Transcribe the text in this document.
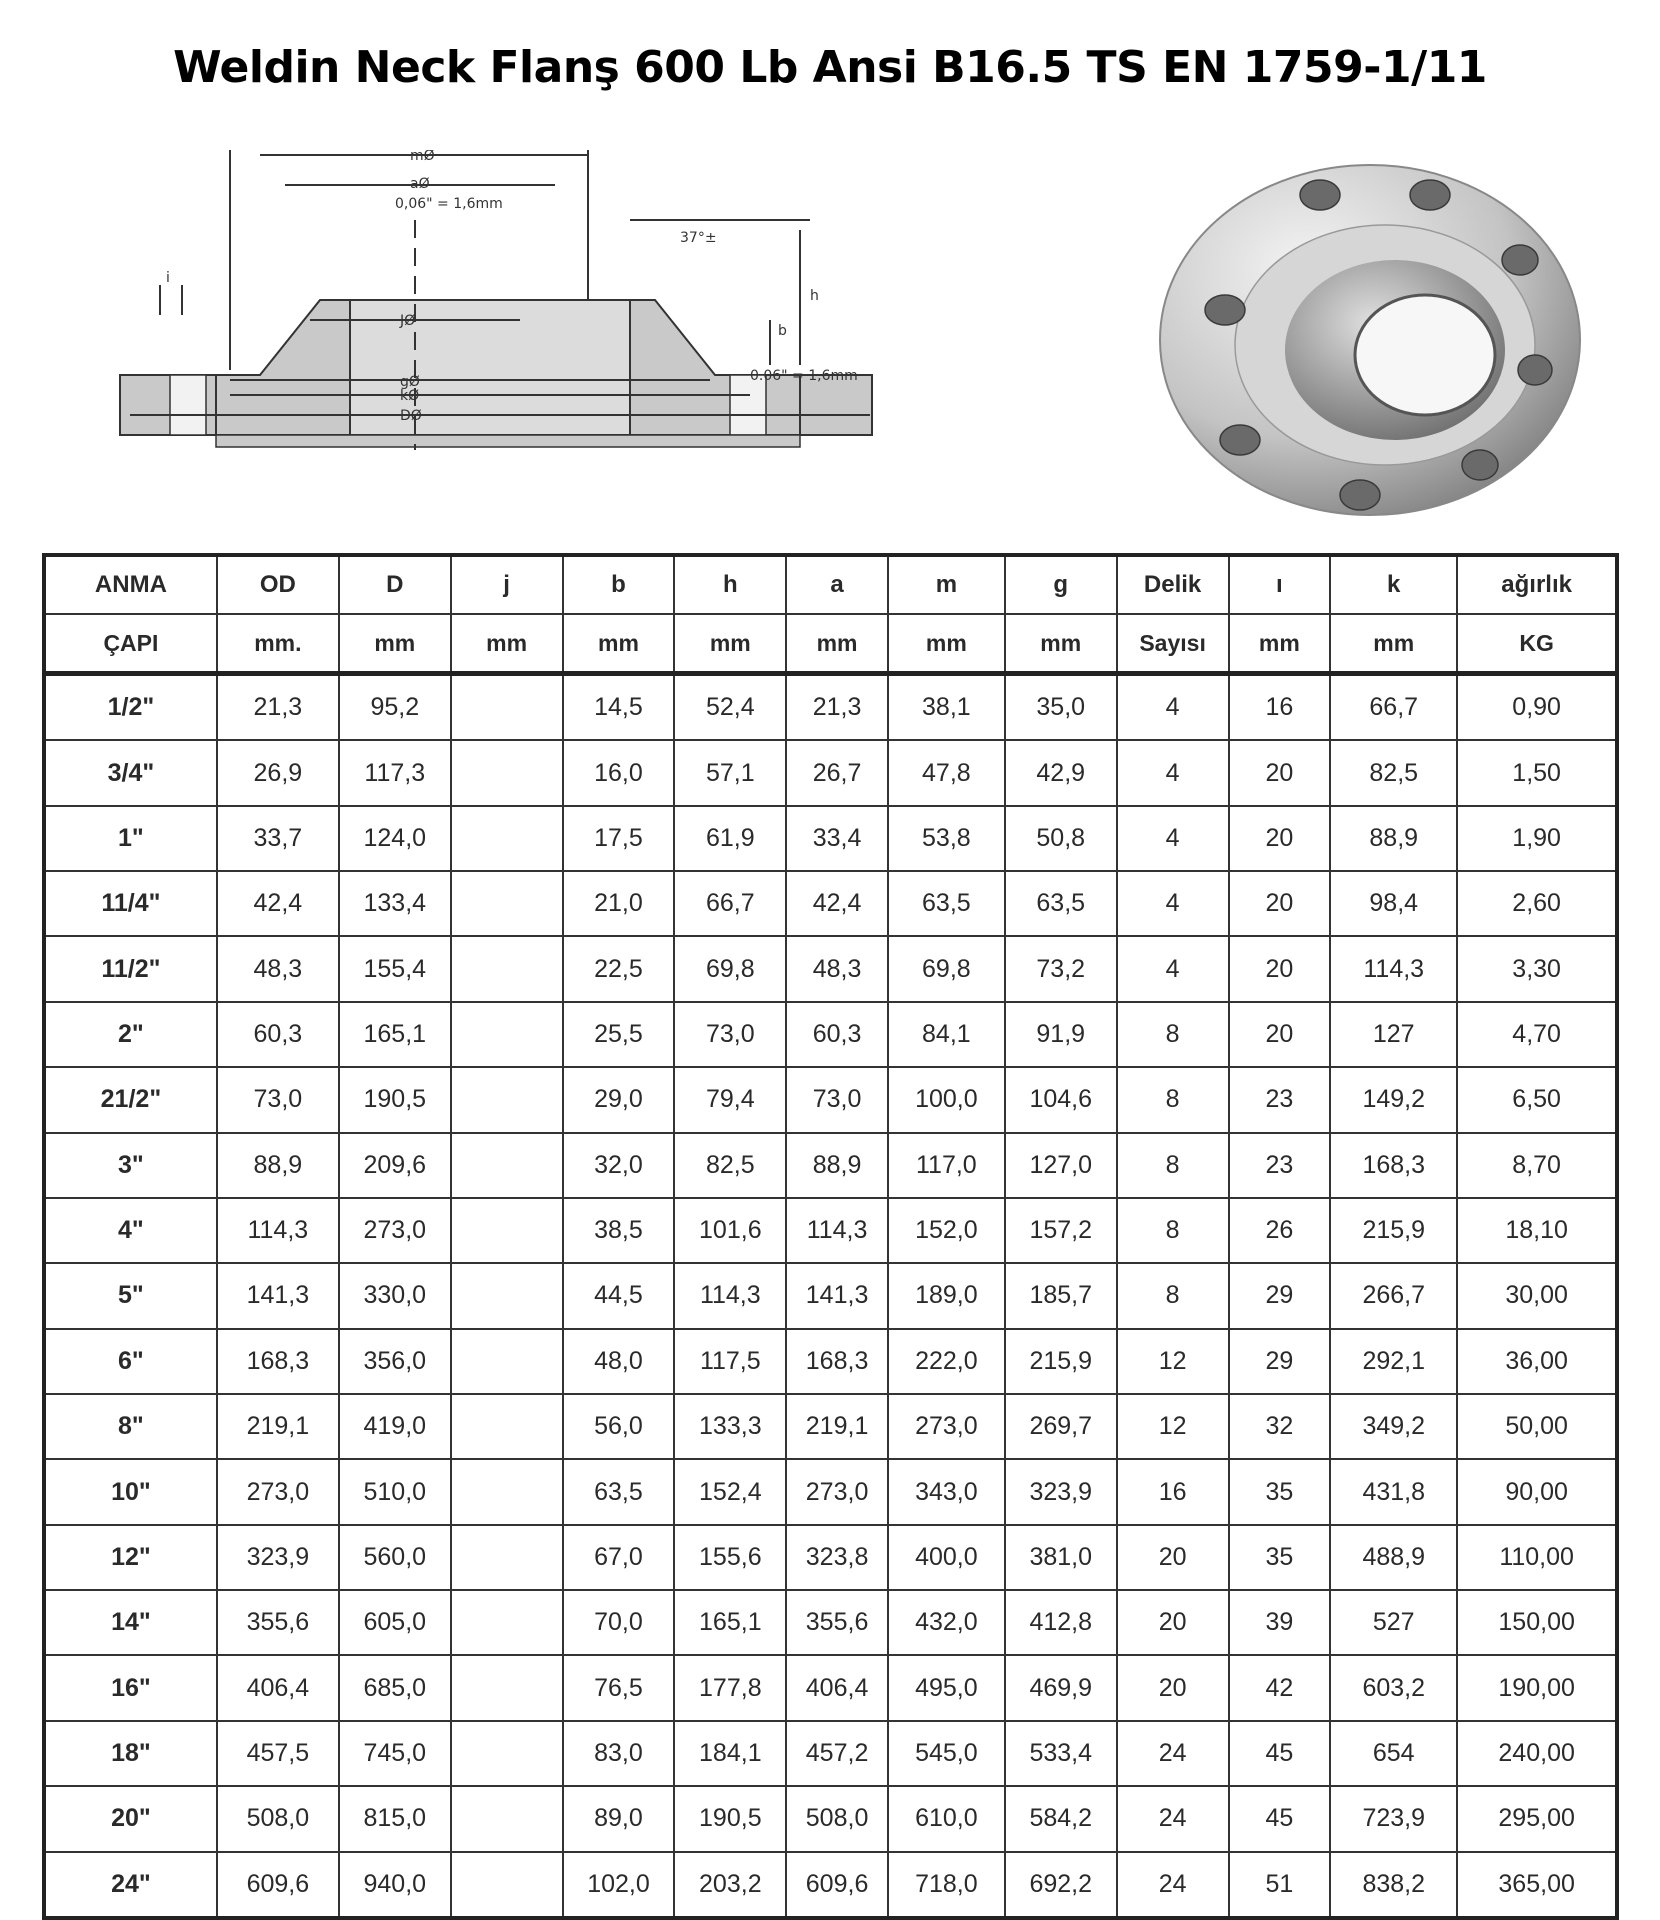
Weldin Neck Flanş 600 Lb Ansi B16.5 TS EN 1759-1/11
mØ
aØ
0,06" = 1,6mm
37°±
JØ
gØ
kØ
DØ
h
b
0.06" = 1,6mm
i
ANMA	OD	D	j	b	h	a	m	g	Delik	ı	k	ağırlık
ÇAPI	mm.	mm	mm	mm	mm	mm	mm	mm	Sayısı	mm	mm	KG
1/2"	21,3	95,2		14,5	52,4	21,3	38,1	35,0	4	16	66,7	0,90
3/4"	26,9	117,3		16,0	57,1	26,7	47,8	42,9	4	20	82,5	1,50
1"	33,7	124,0		17,5	61,9	33,4	53,8	50,8	4	20	88,9	1,90
11/4"	42,4	133,4		21,0	66,7	42,4	63,5	63,5	4	20	98,4	2,60
11/2"	48,3	155,4		22,5	69,8	48,3	69,8	73,2	4	20	114,3	3,30
2"	60,3	165,1		25,5	73,0	60,3	84,1	91,9	8	20	127	4,70
21/2"	73,0	190,5		29,0	79,4	73,0	100,0	104,6	8	23	149,2	6,50
3"	88,9	209,6		32,0	82,5	88,9	117,0	127,0	8	23	168,3	8,70
4"	114,3	273,0		38,5	101,6	114,3	152,0	157,2	8	26	215,9	18,10
5"	141,3	330,0		44,5	114,3	141,3	189,0	185,7	8	29	266,7	30,00
6"	168,3	356,0		48,0	117,5	168,3	222,0	215,9	12	29	292,1	36,00
8"	219,1	419,0		56,0	133,3	219,1	273,0	269,7	12	32	349,2	50,00
10"	273,0	510,0		63,5	152,4	273,0	343,0	323,9	16	35	431,8	90,00
12"	323,9	560,0		67,0	155,6	323,8	400,0	381,0	20	35	488,9	110,00
14"	355,6	605,0		70,0	165,1	355,6	432,0	412,8	20	39	527	150,00
16"	406,4	685,0		76,5	177,8	406,4	495,0	469,9	20	42	603,2	190,00
18"	457,5	745,0		83,0	184,1	457,2	545,0	533,4	24	45	654	240,00
20"	508,0	815,0		89,0	190,5	508,0	610,0	584,2	24	45	723,9	295,00
24"	609,6	940,0		102,0	203,2	609,6	718,0	692,2	24	51	838,2	365,00
